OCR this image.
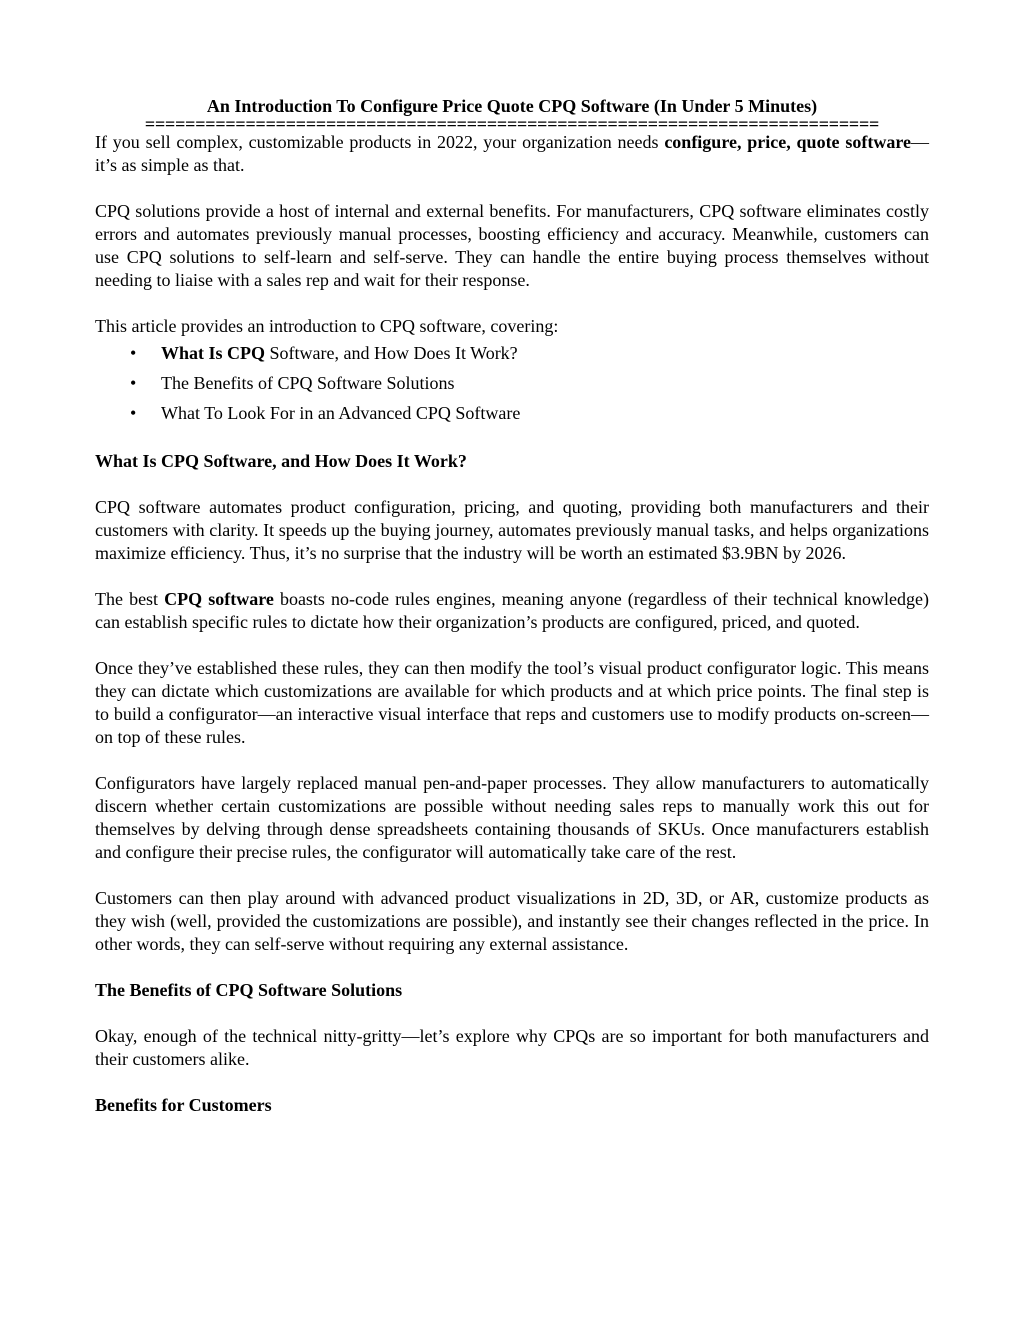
An Introduction To Configure Price Quote CPQ Software (In Under 5 Minutes)
=========================================================================

If you sell complex, customizable products in 2022, your organization needs configure, price, quote software—it’s as simple as that.

CPQ solutions provide a host of internal and external benefits. For manufacturers, CPQ software eliminates costly errors and automates previously manual processes, boosting efficiency and accuracy. Meanwhile, customers can use CPQ solutions to self-learn and self-serve. They can handle the entire buying process themselves without needing to liaise with a sales rep and wait for their response.

This article provides an introduction to CPQ software, covering:

• What Is CPQ Software, and How Does It Work?
• The Benefits of CPQ Software Solutions
• What To Look For in an Advanced CPQ Software
What Is CPQ Software, and How Does It Work?

CPQ software automates product configuration, pricing, and quoting, providing both manufacturers and their customers with clarity. It speeds up the buying journey, automates previously manual tasks, and helps organizations maximize efficiency. Thus, it’s no surprise that the industry will be worth an estimated $3.9BN by 2026.

The best CPQ software boasts no-code rules engines, meaning anyone (regardless of their technical knowledge) can establish specific rules to dictate how their organization’s products are configured, priced, and quoted.

Once they’ve established these rules, they can then modify the tool’s visual product configurator logic. This means they can dictate which customizations are available for which products and at which price points. The final step is to build a configurator—an interactive visual interface that reps and customers use to modify products on-screen—on top of these rules.

Configurators have largely replaced manual pen-and-paper processes. They allow manufacturers to automatically discern whether certain customizations are possible without needing sales reps to manually work this out for themselves by delving through dense spreadsheets containing thousands of SKUs. Once manufacturers establish and configure their precise rules, the configurator will automatically take care of the rest.

Customers can then play around with advanced product visualizations in 2D, 3D, or AR, customize products as they wish (well, provided the customizations are possible), and instantly see their changes reflected in the price. In other words, they can self-serve without requiring any external assistance.

The Benefits of CPQ Software Solutions

Okay, enough of the technical nitty-gritty—let’s explore why CPQs are so important for both manufacturers and their customers alike.

Benefits for Customers
